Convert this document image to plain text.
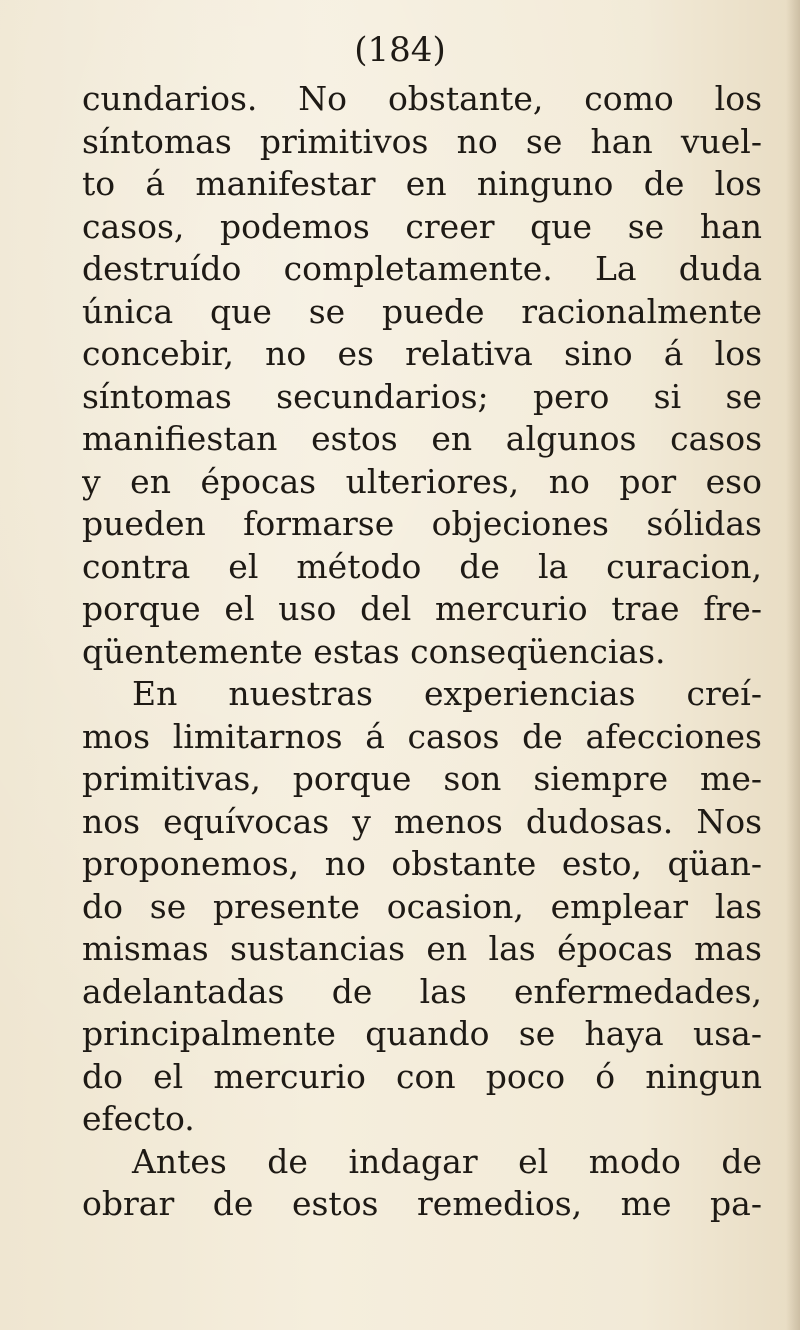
(184)
cundarios. No obstante, como los
síntomas primitivos no se han vuel-
to á manifestar en ninguno de los
casos, podemos creer que se han
destruído completamente. La duda
única que se puede racionalmente
concebir, no es relativa sino á los
síntomas secundarios; pero si se
manifiestan estos en algunos casos
y en épocas ulteriores, no por eso
pueden formarse objeciones sólidas
contra el método de la curacion,
porque el uso del mercurio trae fre-
qüentemente estas conseqüencias.
En nuestras experiencias creí-
mos limitarnos á casos de afecciones
primitivas, porque son siempre me-
nos equívocas y menos dudosas. Nos
proponemos, no obstante esto, qüan-
do se presente ocasion, emplear las
mismas sustancias en las épocas mas
adelantadas de las enfermedades,
principalmente quando se haya usa-
do el mercurio con poco ó ningun
efecto.
Antes de indagar el modo de
obrar de estos remedios, me pa-
